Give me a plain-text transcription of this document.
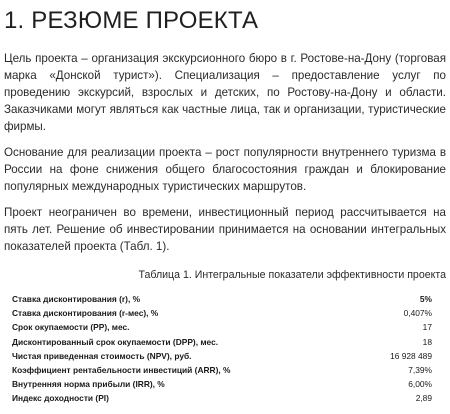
1. РЕЗЮМЕ ПРОЕКТА

Цель проекта – организация экскурсионного бюро в г. Ростове-на-Дону (торговая марка «Донской турист»). Специализация – предоставление услуг по проведению экскурсий, взрослых и детских, по Ростову-на-Дону и области. Заказчиками могут являться как частные лица, так и организации, туристические фирмы.

Основание для реализации проекта – рост популярности внутреннего туризма в России на фоне снижения общего благосостояния граждан и блокирование популярных международных туристических маршрутов.

Проект неограничен во времени, инвестиционный период рассчитывается на пять лет. Решение об инвестировании принимается на основании интегральных показателей проекта (Табл. 1).

Таблица 1. Интегральные показатели эффективности проекта
Ставка дисконтирования (r), %	5%
Ставка дисконтирования (r-мес), %	0,407%
Срок окупаемости (PP), мес.	17
Дисконтированный срок окупаемости (DPP), мес.	18
Чистая приведенная стоимость (NPV), руб.	16 928 489
Коэффициент рентабельности инвестиций (ARR), %	7,39%
Внутренняя норма прибыли (IRR), %	6,00%
Индекс доходности (PI)	2,89
